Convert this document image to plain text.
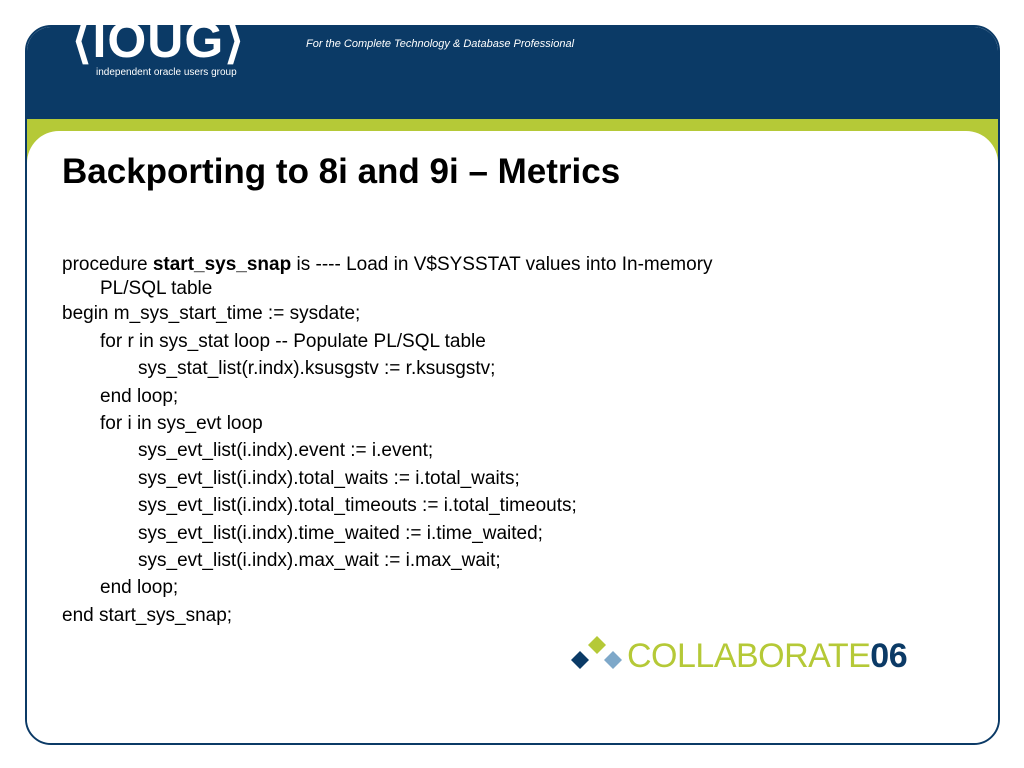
⟨IOUG⟩
independent oracle users group
For the Complete Technology & Database Professional
Backporting to 8i and 9i – Metrics
procedure start_sys_snap is ---- Load in V$SYSSTAT values into In-memory
PL/SQL table
begin m_sys_start_time := sysdate;
for r in sys_stat loop -- Populate PL/SQL table
sys_stat_list(r.indx).ksusgstv := r.ksusgstv;
end loop;
for i in sys_evt loop
sys_evt_list(i.indx).event := i.event;
sys_evt_list(i.indx).total_waits := i.total_waits;
sys_evt_list(i.indx).total_timeouts := i.total_timeouts;
sys_evt_list(i.indx).time_waited := i.time_waited;
sys_evt_list(i.indx).max_wait := i.max_wait;
end loop;
end start_sys_snap;
COLLABORATE06
